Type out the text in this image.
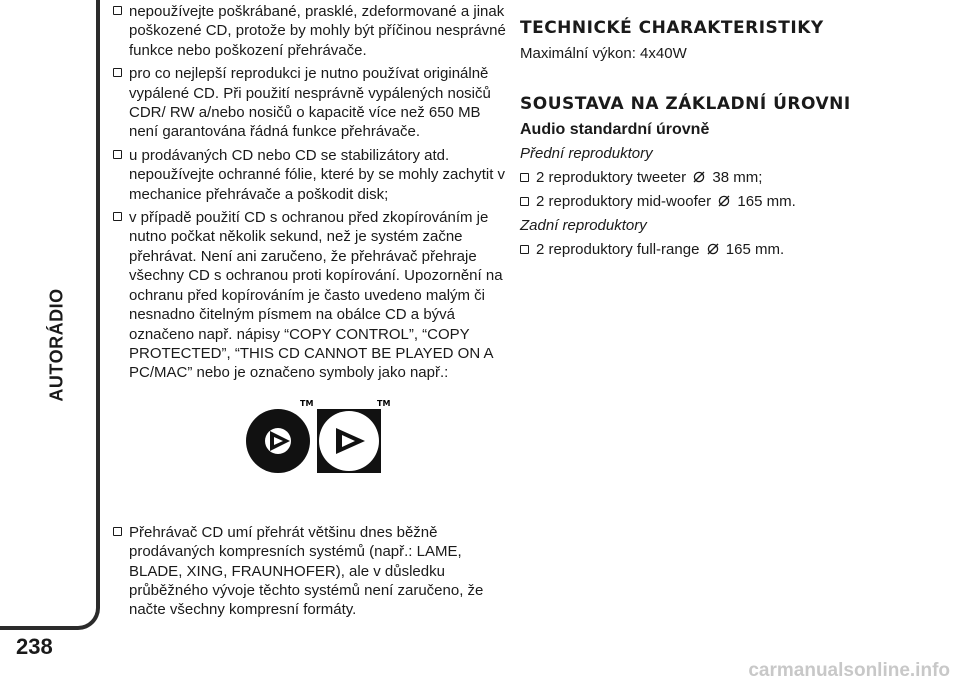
AUTORÁDIO
238
nepoužívejte poškrábané, prasklé, zdeformované a jinak poškozené CD, protože by mohly být příčinou nesprávné funkce nebo poškození přehrávače.
pro co nejlepší reprodukci je nutno používat originálně vypálené CD. Při použití nesprávně vypálených nosičů CDR/ RW a/nebo nosičů o kapacitě více než 650 MB není garantována řádná funkce přehrávače.
u prodávaných CD nebo CD se stabilizátory atd. nepoužívejte ochranné fólie, které by se mohly zachytit v mechanice přehrávače a poškodit disk;
v případě použití CD s ochranou před zkopírováním je nutno počkat několik sekund, než je systém začne přehrávat. Není ani zaručeno, že přehrávač přehraje všechny CD s ochranou proti kopírování. Upozornění na ochranu před kopírováním je často uvedeno malým či nesnadno čitelným písmem na obálce CD a bývá označeno např. nápisy “COPY CONTROL”, “COPY PROTECTED”, “THIS CD CANNOT BE PLAYED ON A PC/MAC” nebo je označeno symboly jako např.:
TM	TM
Přehrávač CD umí přehrát většinu dnes běžně prodávaných kompresních systémů (např.: LAME, BLADE, XING, FRAUNHOFER), ale v důsledku průběžného vývoje těchto systémů není zaručeno, že načte všechny kompresní formáty.
TECHNICKÉ CHARAKTERISTIKY
Maximální výkon: 4x40W
SOUSTAVA NA ZÁKLADNÍ ÚROVNI
Audio standardní úrovně
Přední reproduktory
2 reproduktory tweeter 38 mm;
2 reproduktory mid-woofer 165 mm.
Zadní reproduktory
2 reproduktory full-range 165 mm.
carmanualsonline.info
